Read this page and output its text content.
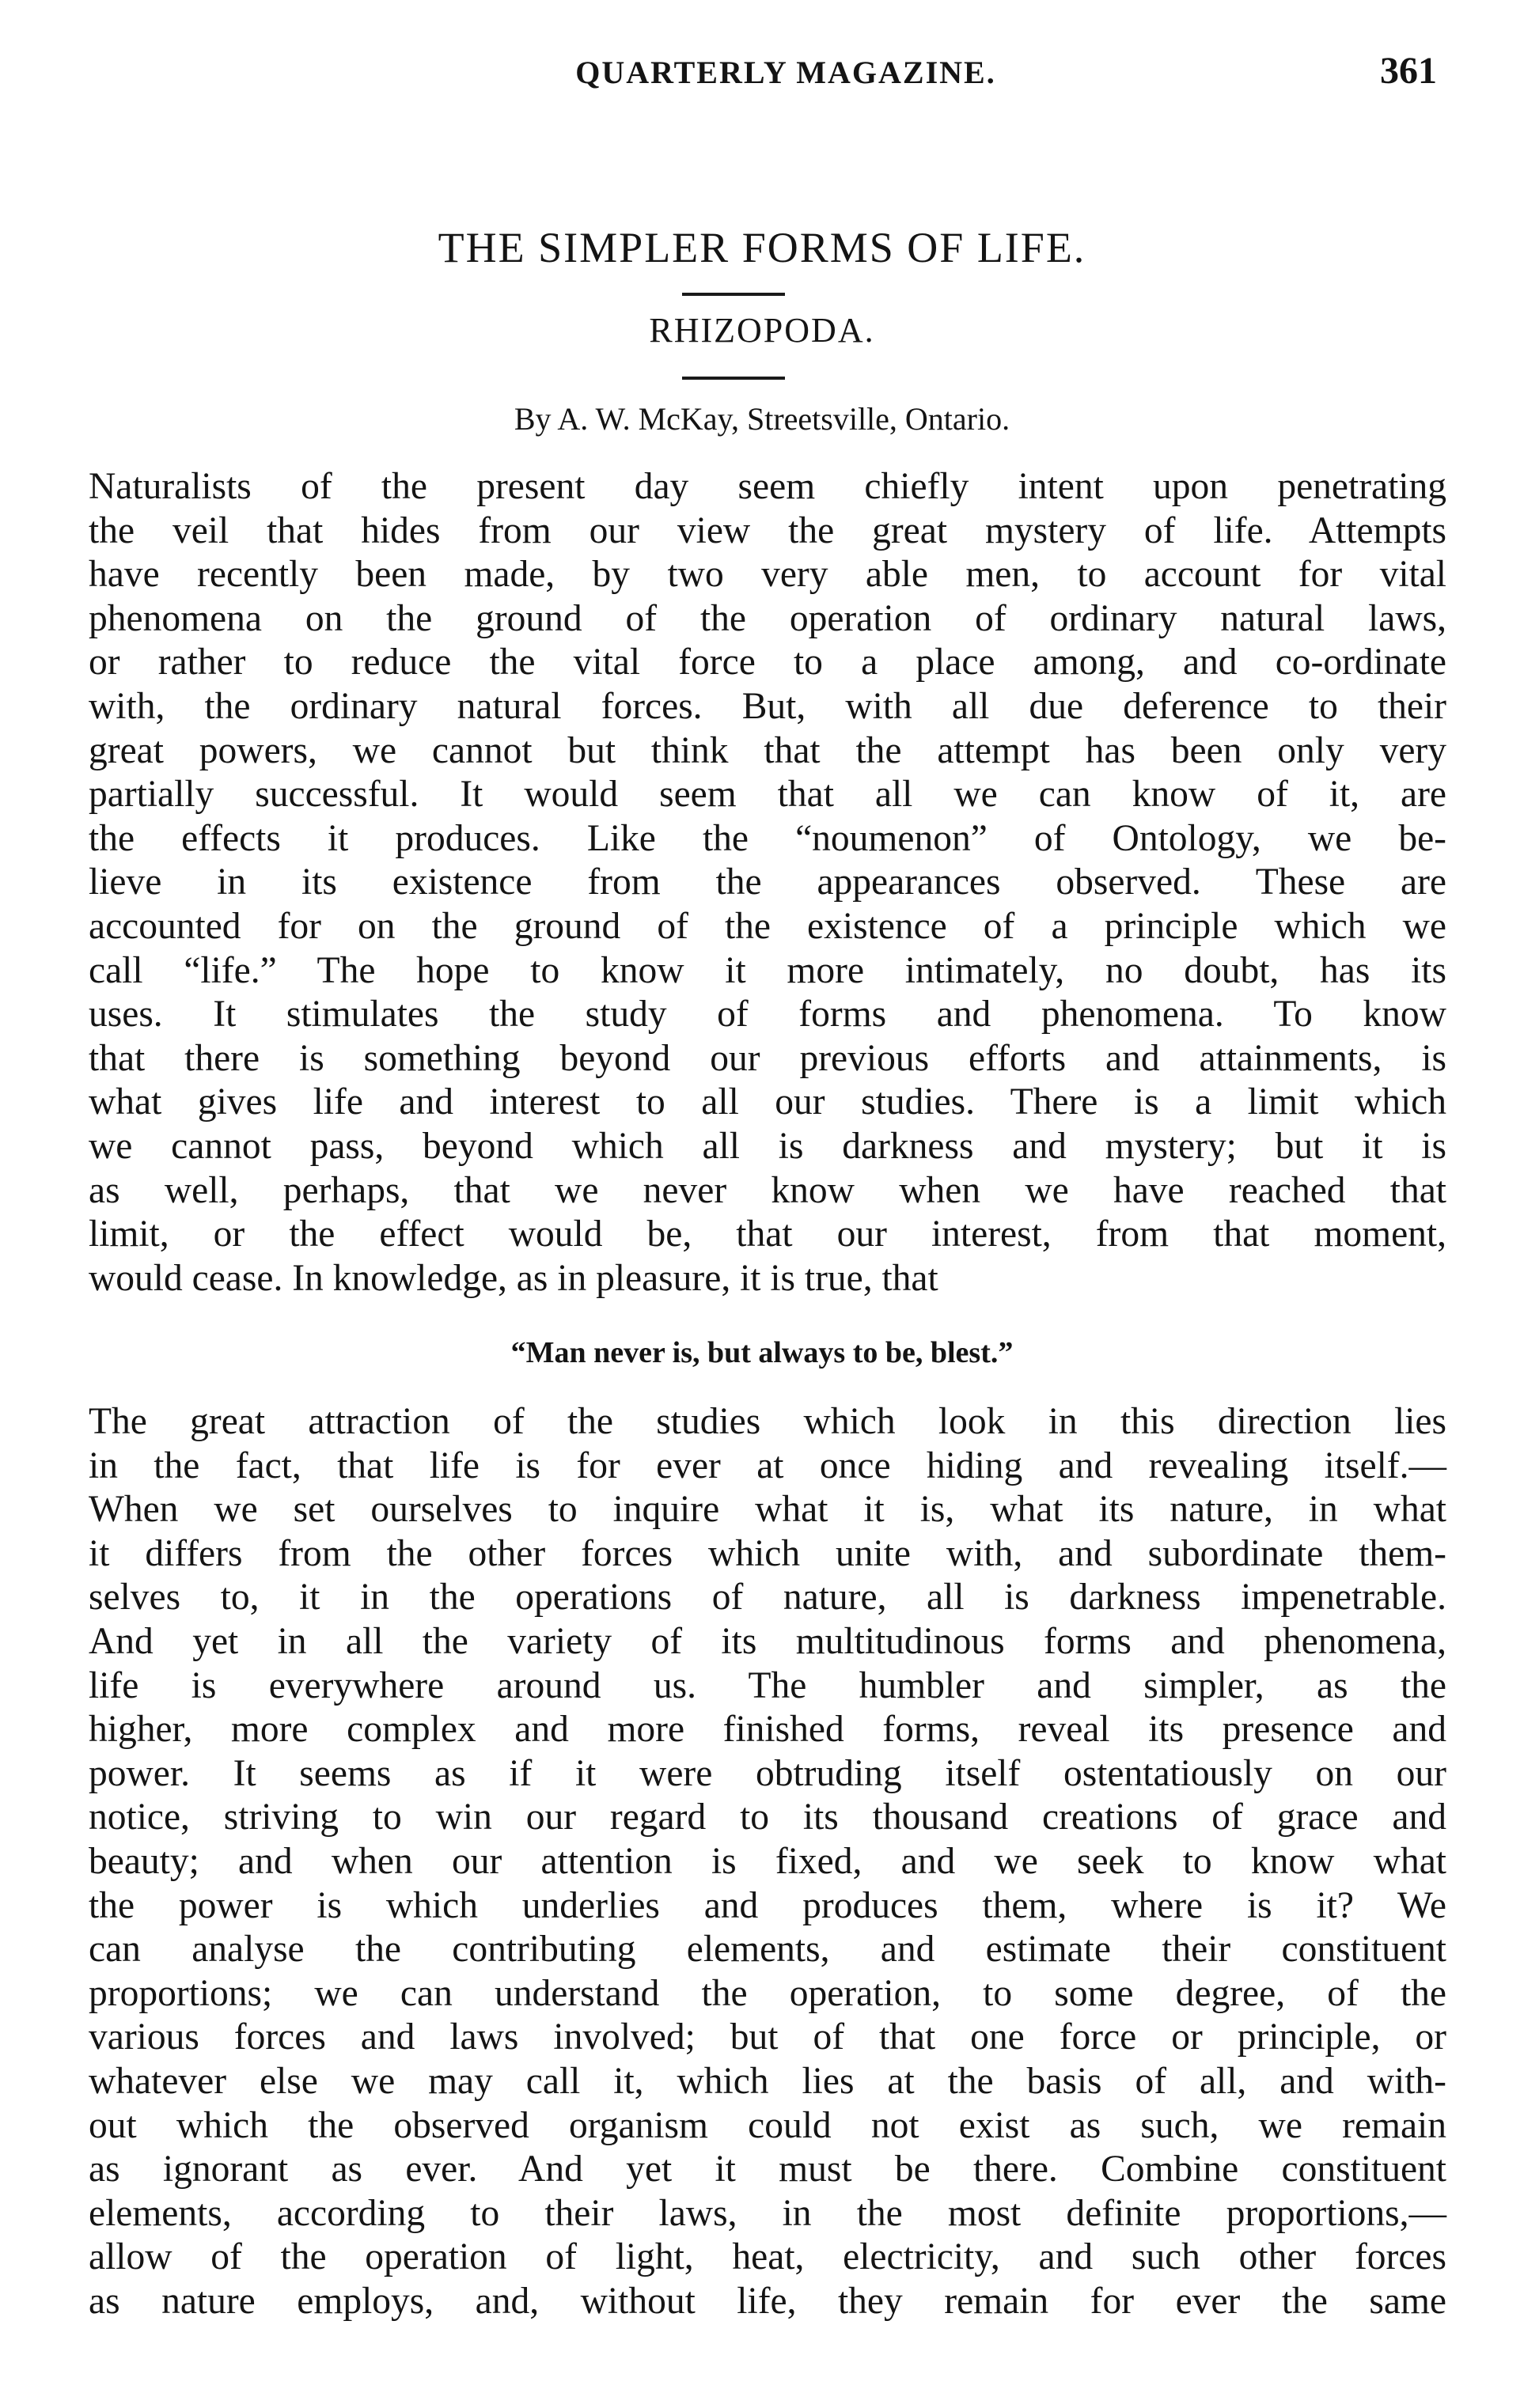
QUARTERLY MAGAZINE.	361
THE SIMPLER FORMS OF LIFE.
RHIZOPODA.
By A. W. McKay, Streetsville, Ontario.
Naturalists of the present day seem chiefly intent upon penetrating
the veil that hides from our view the great mystery of life. Attempts
have recently been made, by two very able men, to account for vital
phenomena on the ground of the operation of ordinary natural laws,
or rather to reduce the vital force to a place among, and co-ordinate
with, the ordinary natural forces. But, with all due deference to their
great powers, we cannot but think that the attempt has been only very
partially successful. It would seem that all we can know of it, are
the effects it produces. Like the “noumenon” of Ontology, we be-
lieve in its existence from the appearances observed. These are
accounted for on the ground of the existence of a principle which we
call “life.” The hope to know it more intimately, no doubt, has its
uses. It stimulates the study of forms and phenomena. To know
that there is something beyond our previous efforts and attainments, is
what gives life and interest to all our studies. There is a limit which
we cannot pass, beyond which all is darkness and mystery; but it is
as well, perhaps, that we never know when we have reached that
limit, or the effect would be, that our interest, from that moment,
would cease. In knowledge, as in pleasure, it is true, that
“Man never is, but always to be, blest.”
The great attraction of the studies which look in this direction lies
in the fact, that life is for ever at once hiding and revealing itself.—
When we set ourselves to inquire what it is, what its nature, in what
it differs from the other forces which unite with, and subordinate them-
selves to, it in the operations of nature, all is darkness impenetrable.
And yet in all the variety of its multitudinous forms and phenomena,
life is everywhere around us. The humbler and simpler, as the
higher, more complex and more finished forms, reveal its presence and
power. It seems as if it were obtruding itself ostentatiously on our
notice, striving to win our regard to its thousand creations of grace and
beauty; and when our attention is fixed, and we seek to know what
the power is which underlies and produces them, where is it? We
can analyse the contributing elements, and estimate their constituent
proportions; we can understand the operation, to some degree, of the
various forces and laws involved; but of that one force or principle, or
whatever else we may call it, which lies at the basis of all, and with-
out which the observed organism could not exist as such, we remain
as ignorant as ever. And yet it must be there. Combine constituent
elements, according to their laws, in the most definite proportions,—
allow of the operation of light, heat, electricity, and such other forces
as nature employs, and, without life, they remain for ever the same
